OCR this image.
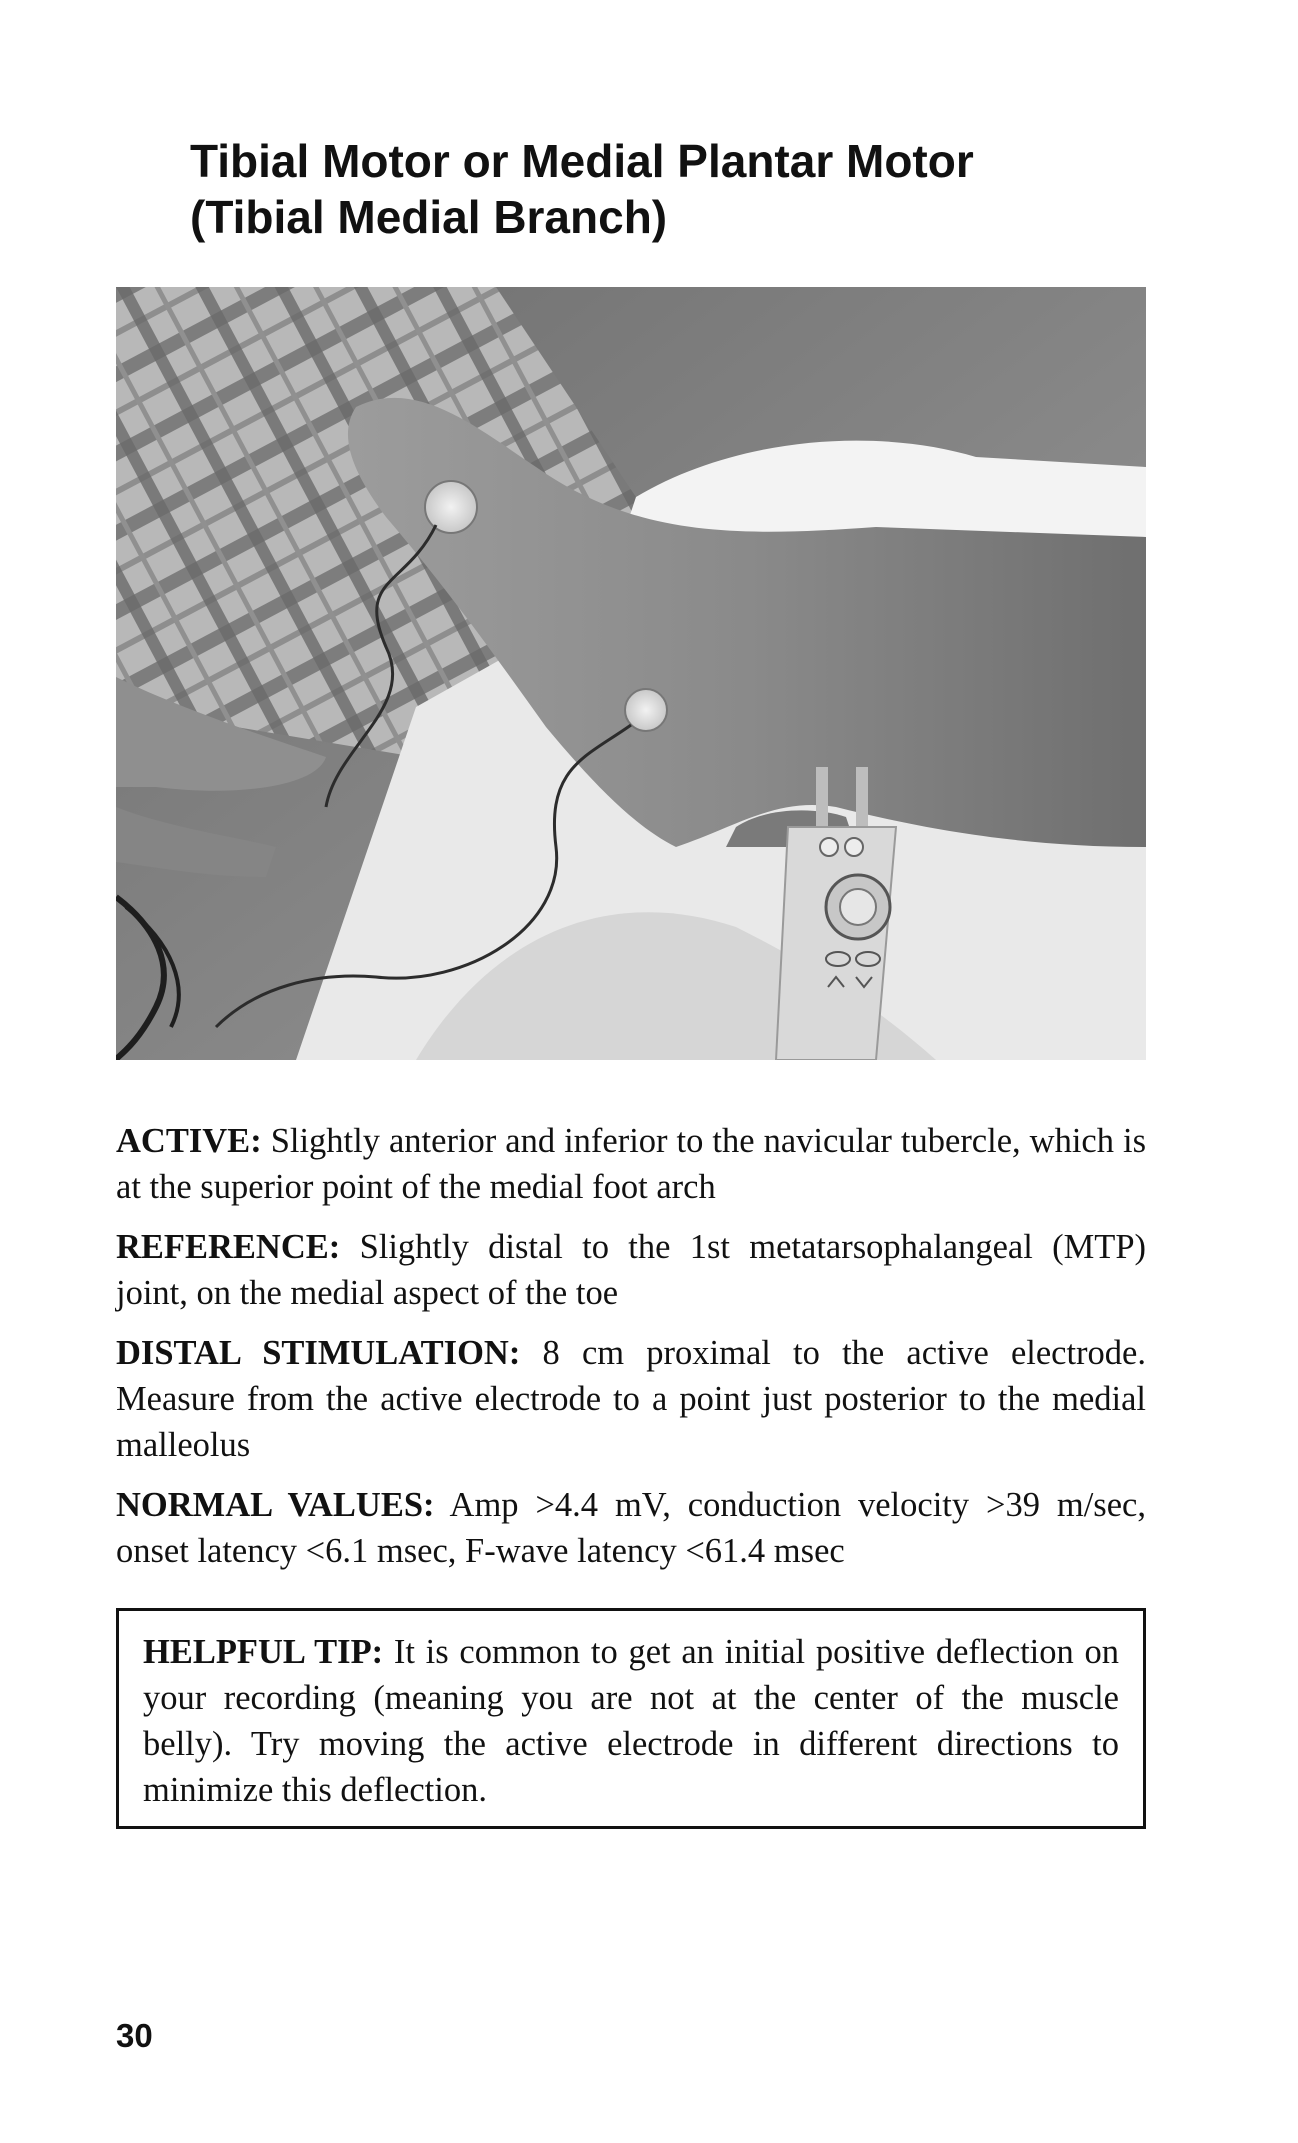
Tibial Motor or Medial Plantar Motor
(Tibial Medial Branch)

ACTIVE: Slightly anterior and inferior to the navicular tubercle, which is at the superior point of the medial foot arch

REFERENCE: Slightly distal to the 1st metatarsophalangeal (MTP) joint, on the medial aspect of the toe

DISTAL STIMULATION: 8 cm proximal to the active electrode. Measure from the active electrode to a point just posterior to the medial malleolus

NORMAL VALUES: Amp >4.4 mV, conduction velocity >39 m/sec, onset latency <6.1 msec, F-wave latency <61.4 msec

HELPFUL TIP: It is common to get an initial positive deflection on your recording (meaning you are not at the center of the muscle belly). Try moving the active electrode in different directions to minimize this deflection.
30
